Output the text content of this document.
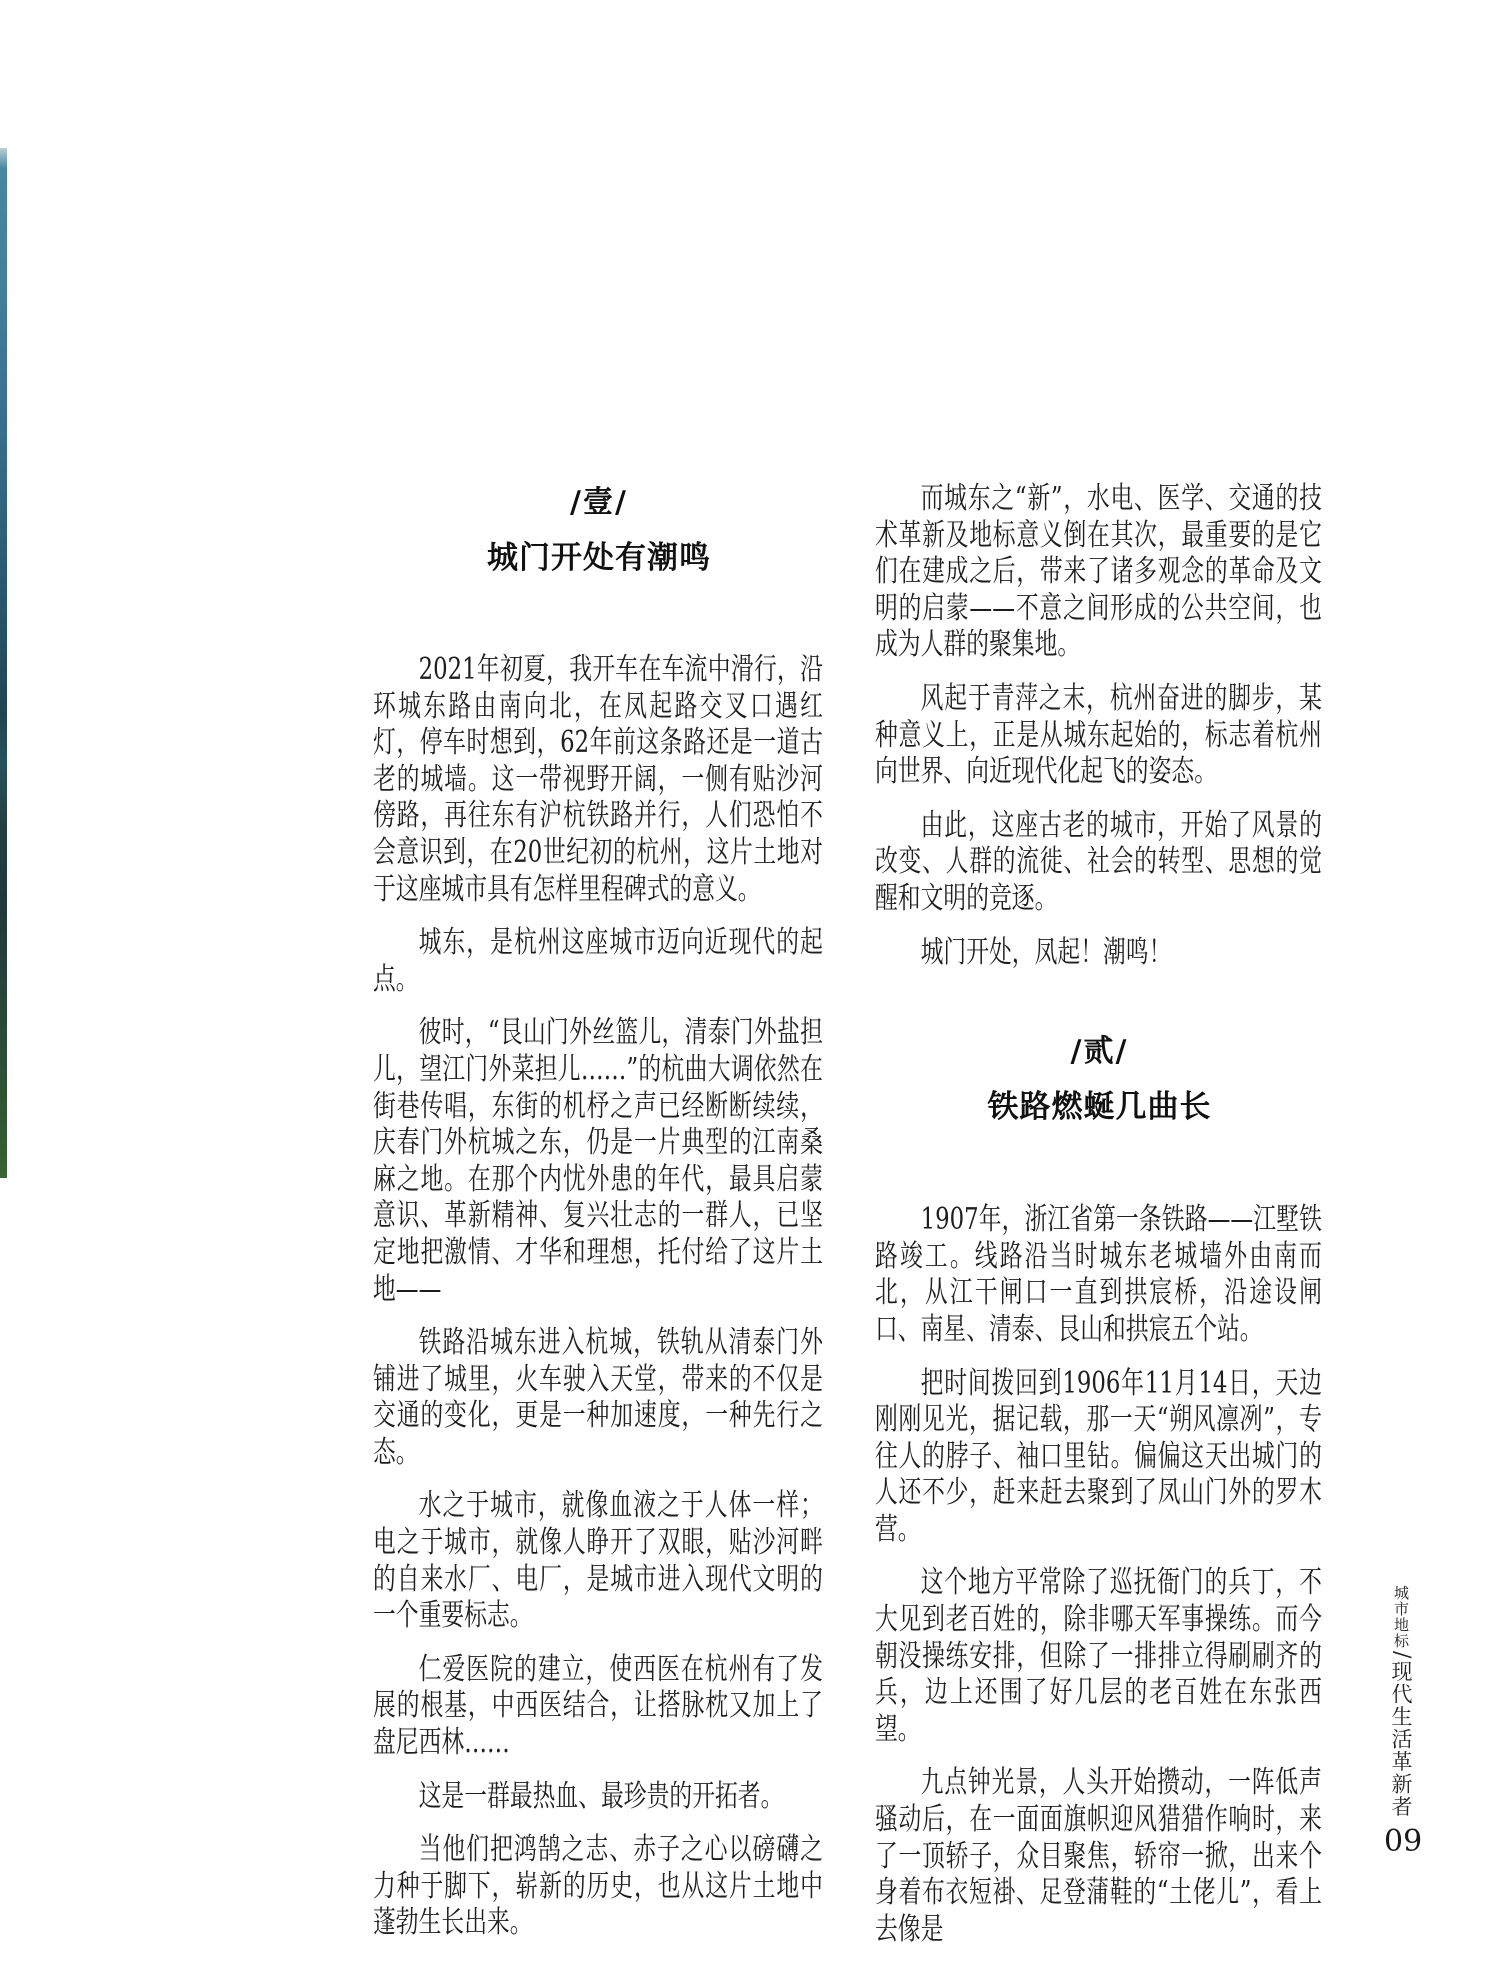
/壹/
城门开处有潮鸣

2021年初夏，我开车在车流中滑行，沿环城东路由南向北，在凤起路交叉口遇红灯，停车时想到，62年前这条路还是一道古老的城墙。这一带视野开阔，一侧有贴沙河傍路，再往东有沪杭铁路并行，人们恐怕不会意识到，在20世纪初的杭州，这片土地对于这座城市具有怎样里程碑式的意义。

城东，是杭州这座城市迈向近现代的起点。

彼时，“艮山门外丝篮儿，清泰门外盐担儿，望江门外菜担儿……”的杭曲大调依然在街巷传唱，东街的机杼之声已经断断续续，庆春门外杭城之东，仍是一片典型的江南桑麻之地。在那个内忧外患的年代，最具启蒙意识、革新精神、复兴壮志的一群人，已坚定地把激情、才华和理想，托付给了这片土地——

铁路沿城东进入杭城，铁轨从清泰门外铺进了城里，火车驶入天堂，带来的不仅是交通的变化，更是一种加速度，一种先行之态。

水之于城市，就像血液之于人体一样；电之于城市，就像人睁开了双眼，贴沙河畔的自来水厂、电厂，是城市进入现代文明的一个重要标志。

仁爱医院的建立，使西医在杭州有了发展的根基，中西医结合，让搭脉枕又加上了盘尼西林……

这是一群最热血、最珍贵的开拓者。

当他们把鸿鹄之志、赤子之心以磅礴之力种于脚下，崭新的历史，也从这片土地中蓬勃生长出来。

而城东之“新”，水电、医学、交通的技术革新及地标意义倒在其次，最重要的是它们在建成之后，带来了诸多观念的革命及文明的启蒙——不意之间形成的公共空间，也成为人群的聚集地。

风起于青萍之末，杭州奋进的脚步，某种意义上，正是从城东起始的，标志着杭州向世界、向近现代化起飞的姿态。

由此，这座古老的城市，开始了风景的改变、人群的流徙、社会的转型、思想的觉醒和文明的竞逐。

城门开处，凤起！潮鸣！

/贰/
铁路燃蜒几曲长

1907年，浙江省第一条铁路——江墅铁路竣工。线路沿当时城东老城墙外由南而北，从江干闸口一直到拱宸桥，沿途设闸口、南星、清泰、艮山和拱宸五个站。

把时间拨回到1906年11月14日，天边刚刚见光，据记载，那一天“朔风凛冽”，专往人的脖子、袖口里钻。偏偏这天出城门的人还不少，赶来赶去聚到了凤山门外的罗木营。

这个地方平常除了巡抚衙门的兵丁，不大见到老百姓的，除非哪天军事操练。而今朝没操练安排，但除了一排排立得刷刷齐的兵，边上还围了好几层的老百姓在东张西望。

九点钟光景，人头开始攒动，一阵低声骚动后，在一面面旗帜迎风猎猎作响时，来了一顶轿子，众目聚焦，轿帘一掀，出来个身着布衣短褂、足登蒲鞋的“土佬儿”，看上去像是

城市地标/现代生活革新者
09
